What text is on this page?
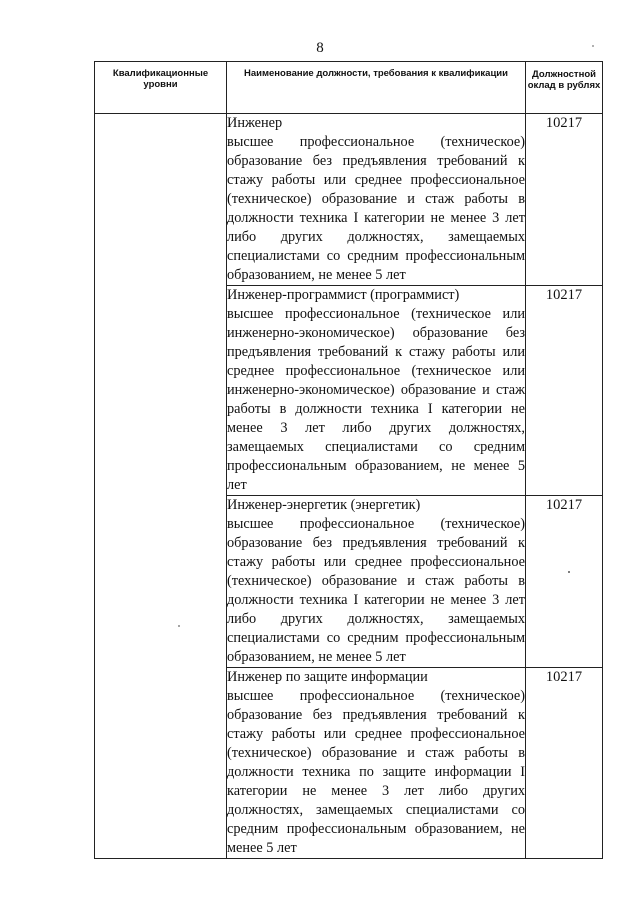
8
Квалификационные уровни	Наименование должности, требования к квалификации	Должностной оклад в рублях

	Инженер
высшее профессиональное (техническое) образование без предъявления требований к стажу работы или среднее профессиональное (техническое) образование и стаж работы в должности техника I категории не менее 3 лет либо других должностях, замещаемых специалистами со средним профессиональным образованием, не менее 5 лет	10217

	Инженер-программист (программист)
высшее профессиональное (техническое или инженерно-экономическое) образование без предъявления требований к стажу работы или среднее профессиональное (техническое или инженерно-экономическое) образование и стаж работы в должности техника I категории не менее 3 лет либо других должностях, замещаемых специалистами со средним профессиональным образованием, не менее 5 лет	10217

	Инженер-энергетик (энергетик)
высшее профессиональное (техническое) образование без предъявления требований к стажу работы или среднее профессиональное (техническое) образование и стаж работы в должности техника I категории не менее 3 лет либо других должностях, замещаемых специалистами со средним профессиональным образованием, не менее 5 лет	10217

	Инженер по защите информации
высшее профессиональное (техническое) образование без предъявления требований к стажу работы или среднее профессиональное (техническое) образование и стаж работы в должности техника по защите информации I категории не менее 3 лет либо других должностях, замещаемых специалистами со средним профессиональным образованием, не менее 5 лет	10217
